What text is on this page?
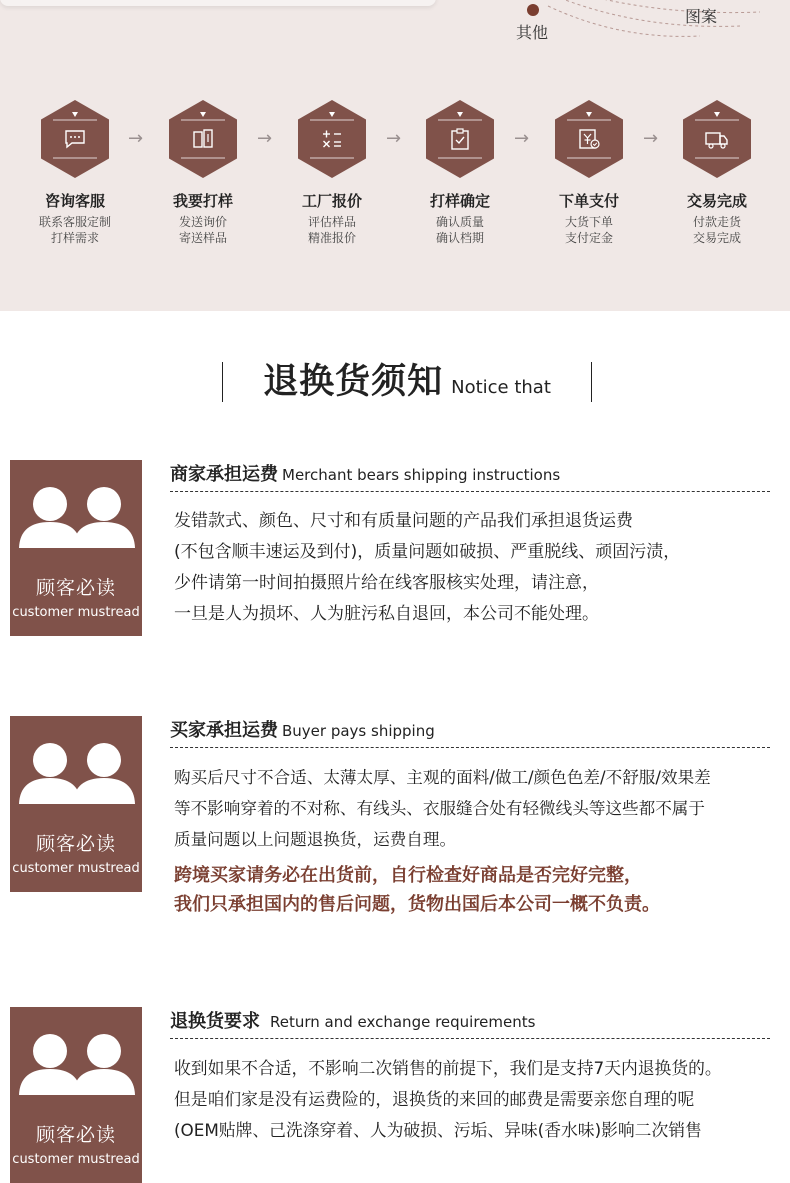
其他
图案
咨询客服
联系客服定制
打样需求
→
我要打样
发送询价
寄送样品
→
工厂报价
评估样品
精准报价
→
打样确定
确认质量
确认档期
→
下单支付
大货下单
支付定金
→
交易完成
付款走货
交易完成
退换货须知 Notice that
顾客必读
customer mustread
商家承担运费 Merchant bears shipping instructions

发错款式、颜色、尺寸和有质量问题的产品我们承担退货运费

(不包含顺丰速运及到付)，质量问题如破损、严重脱线、顽固污渍，

少件请第一时间拍摄照片给在线客服核实处理，请注意，

一旦是人为损坏、人为脏污私自退回，本公司不能处理。

顾客必读
customer mustread
买家承担运费 Buyer pays shipping

购买后尺寸不合适、太薄太厚、主观的面料/做工/颜色色差/不舒服/效果差

等不影响穿着的不对称、有线头、衣服缝合处有轻微线头等这些都不属于

质量问题以上问题退换货，运费自理。

跨境买家请务必在出货前，自行检查好商品是否完好完整，

我们只承担国内的售后问题，货物出国后本公司一概不负责。

顾客必读
customer mustread
退换货要求 Return and exchange requirements

收到如果不合适，不影响二次销售的前提下，我们是支持7天内退换货的。

但是咱们家是没有运费险的，退换货的来回的邮费是需要亲您自理的呢

(OEM贴牌、己洗涤穿着、人为破损、污垢、异味(香水味)影响二次销售
